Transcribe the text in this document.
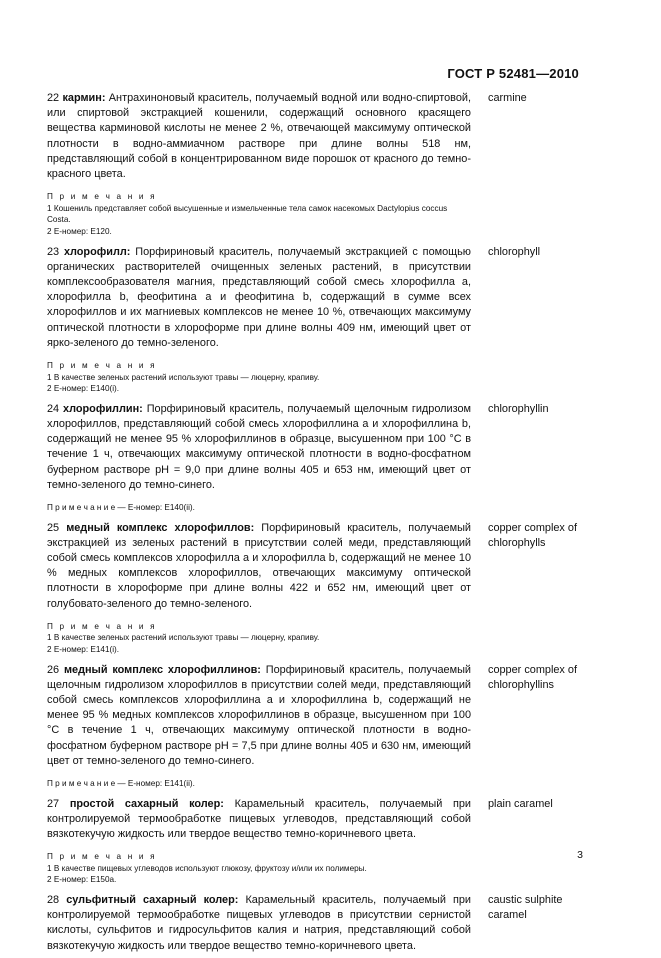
ГОСТ Р 52481—2010
22 кармин: Антрахиноновый краситель, получаемый водной или водно-спиртовой, или спиртовой экстракцией кошенили, содержащий основного красящего вещества карминовой кислоты не менее 2 %, отвечающей максимуму оптической плотности в водно-аммиачном растворе при длине волны 518 нм, представляющий собой в концентрированном виде порошок от красного до темно-красного цвета.
carmine
П р и м е ч а н и я
1 Кошениль представляет собой высушенные и измельченные тела самок насекомых Dactylopius coccus Costa.
2 Е-номер: Е120.
23 хлорофилл: Порфириновый краситель, получаемый экстракцией с помощью органических растворителей очищенных зеленых растений, в присутствии комплексообразователя магния, представляющий собой смесь хлорофилла a, хлорофилла b, феофитина a и феофитина b, содержащий в сумме всех хлорофиллов и их магниевых комплексов не менее 10 %, отвечающих максимуму оптической плотности в хлороформе при длине волны 409 нм, имеющий цвет от ярко-зеленого до темно-зеленого.
chlorophyll
П р и м е ч а н и я
1 В качестве зеленых растений используют травы — люцерну, крапиву.
2 Е-номер: Е140(i).
24 хлорофиллин: Порфириновый краситель, получаемый щелочным гидролизом хлорофиллов, представляющий собой смесь хлорофиллина a и хлорофиллина b, содержащий не менее 95 % хлорофиллинов в образце, высушенном при 100 °С в течение 1 ч, отвечающих максимуму оптической плотности в водно-фосфатном буферном растворе pH = 9,0 при длине волны 405 и 653 нм, имеющий цвет от темно-зеленого до темно-синего.
chlorophyllin
П р и м е ч а н и е — Е-номер: Е140(ii).
25 медный комплекс хлорофиллов: Порфириновый краситель, получаемый экстракцией из зеленых растений в присутствии солей меди, представляющий собой смесь комплексов хлорофилла a и хлорофилла b, содержащий не менее 10 % медных комплексов хлорофиллов, отвечающих максимуму оптической плотности в хлороформе при длине волны 422 и 652 нм, имеющий цвет от голубовато-зеленого до темно-зеленого.
copper complex of chlorophylls
П р и м е ч а н и я
1 В качестве зеленых растений используют травы — люцерну, крапиву.
2 Е-номер: Е141(i).
26 медный комплекс хлорофиллинов: Порфириновый краситель, получаемый щелочным гидролизом хлорофиллов в присутствии солей меди, представляющий собой смесь комплексов хлорофиллина a и хлорофиллина b, содержащий не менее 95 % медных комплексов хлорофиллинов в образце, высушенном при 100 °С в течение 1 ч, отвечающих максимуму оптической плотности в водно-фосфатном буферном растворе pH = 7,5 при длине волны 405 и 630 нм, имеющий цвет от темно-зеленого до темно-синего.
copper complex of chlorophyllins
П р и м е ч а н и е — Е-номер: Е141(ii).
27 простой сахарный колер: Карамельный краситель, получаемый при контролируемой термообработке пищевых углеводов, представляющий собой вязкотекучую жидкость или твердое вещество темно-коричневого цвета.
plain caramel
П р и м е ч а н и я
1 В качестве пищевых углеводов используют глюкозу, фруктозу и/или их полимеры.
2 Е-номер: Е150a.
28 сульфитный сахарный колер: Карамельный краситель, получаемый при контролируемой термообработке пищевых углеводов в присутствии сернистой кислоты, сульфитов и гидросульфитов калия и натрия, представляющий собой вязкотекучую жидкость или твердое вещество темно-коричневого цвета.
caustic sulphite caramel
3
